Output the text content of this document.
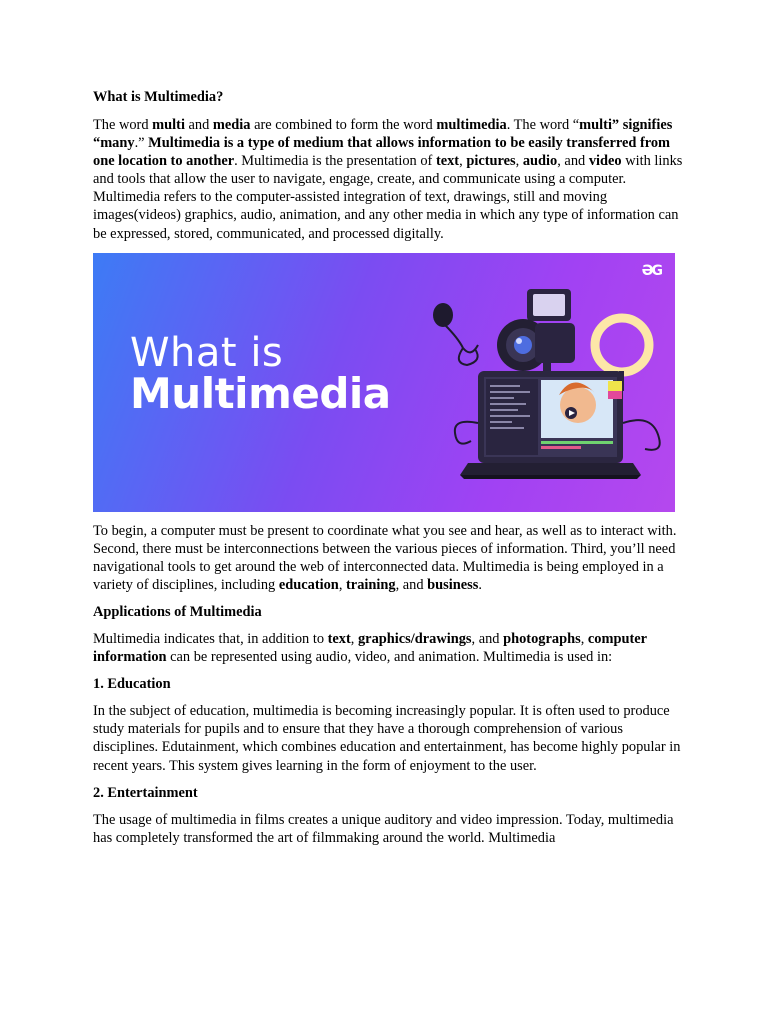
What is Multimedia?

The word multi and media are combined to form the word multimedia. The word “multi” signifies “many.” Multimedia is a type of medium that allows information to be easily transferred from one location to another. Multimedia is the presentation of text, pictures, audio, and video with links and tools that allow the user to navigate, engage, create, and communicate using a computer. Multimedia refers to the computer-assisted integration of text, drawings, still and moving images(videos) graphics, audio, animation, and any other media in which any type of information can be expressed, stored, communicated, and processed digitally.

What is
Multimedia
ƏG

To begin, a computer must be present to coordinate what you see and hear, as well as to interact with. Second, there must be interconnections between the various pieces of information. Third, you’ll need navigational tools to get around the web of interconnected data. Multimedia is being employed in a variety of disciplines, including education, training, and business.

Applications of Multimedia

Multimedia indicates that, in addition to text, graphics/drawings, and photographs, computer information can be represented using audio, video, and animation. Multimedia is used in:

1. Education

In the subject of education, multimedia is becoming increasingly popular. It is often used to produce study materials for pupils and to ensure that they have a thorough comprehension of various disciplines. Edutainment, which combines education and entertainment, has become highly popular in recent years. This system gives learning in the form of enjoyment to the user.

2. Entertainment

The usage of multimedia in films creates a unique auditory and video impression. Today, multimedia has completely transformed the art of filmmaking around the world. Multimedia
